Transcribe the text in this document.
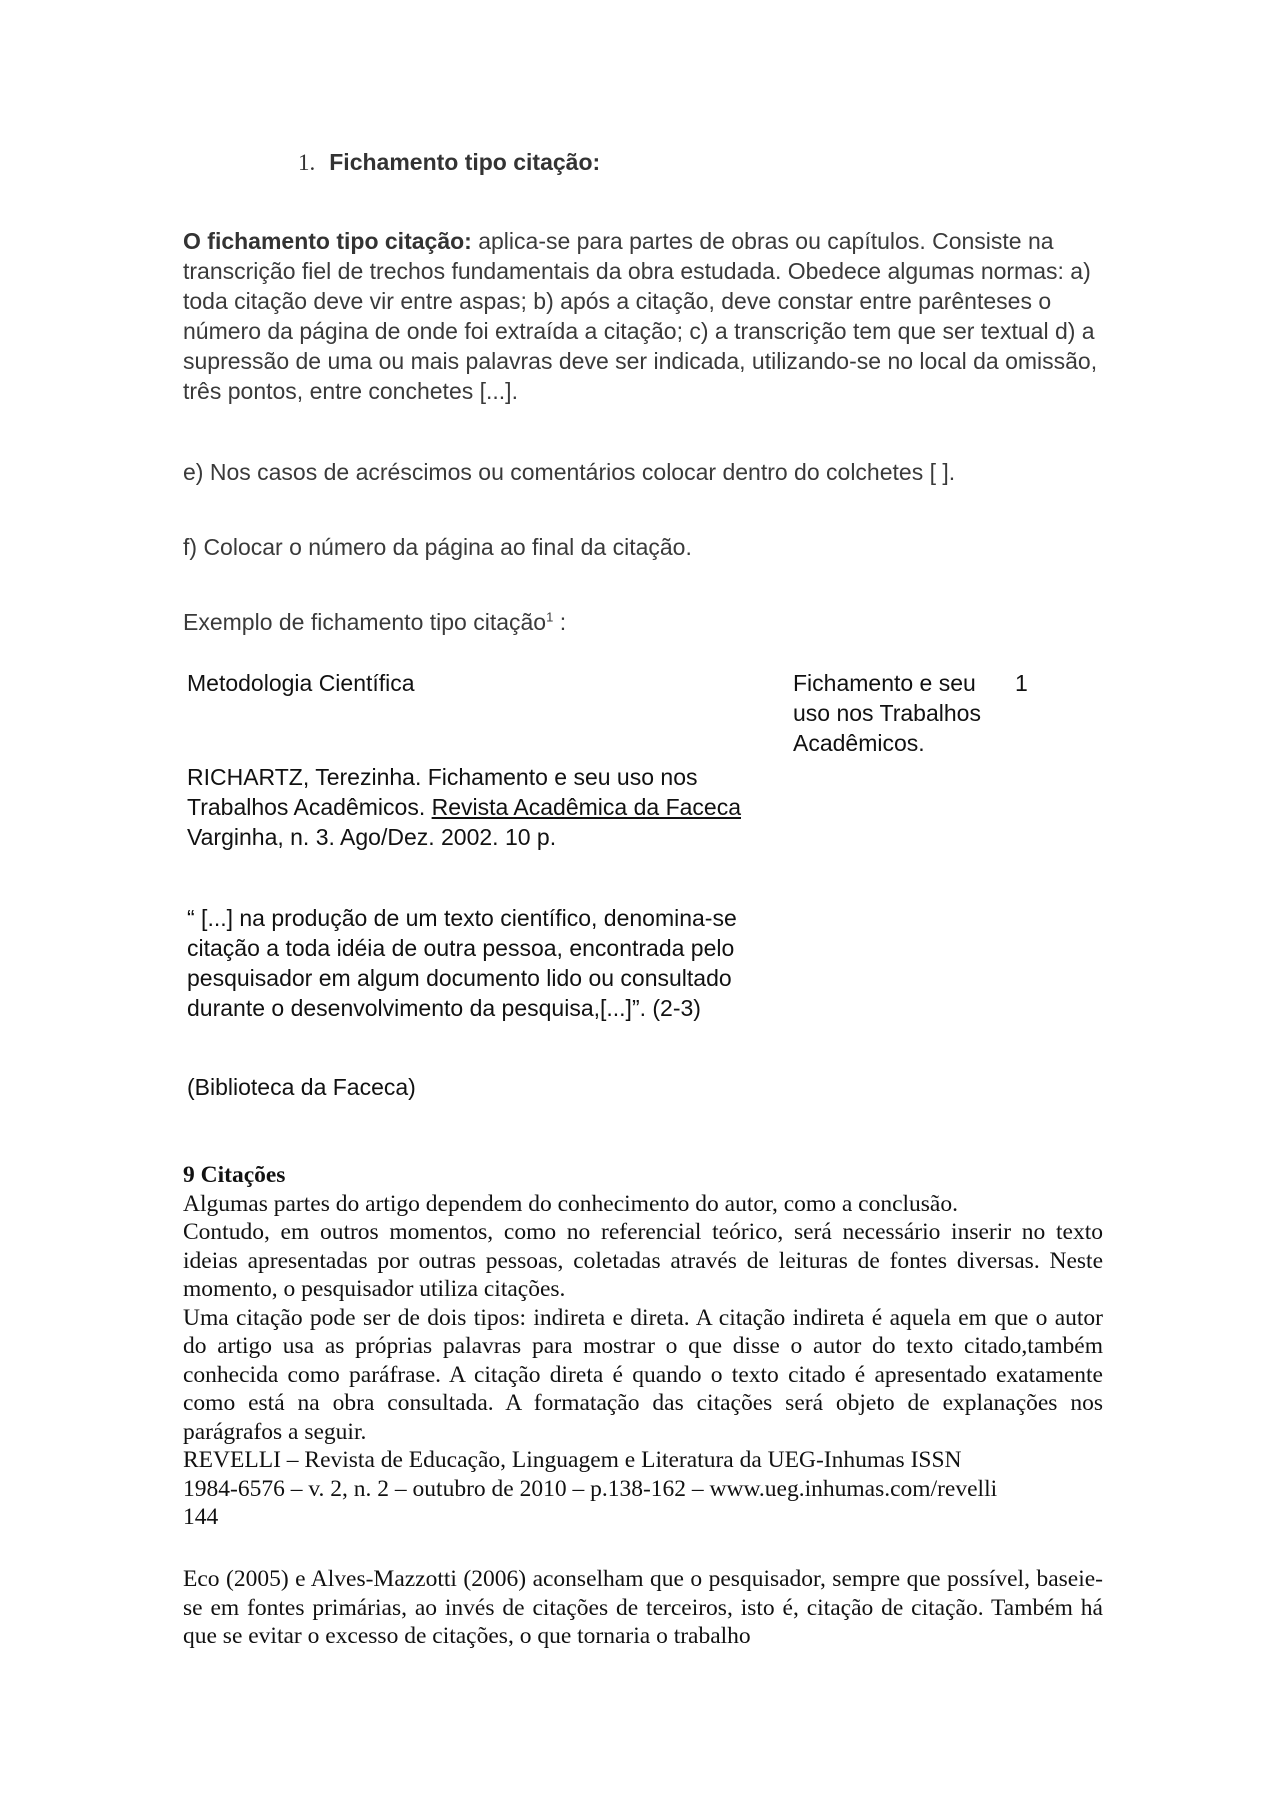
1. Fichamento tipo citação:
O fichamento tipo citação: aplica-se para partes de obras ou capítulos. Consiste na transcrição fiel de trechos fundamentais da obra estudada. Obedece algumas normas: a) toda citação deve vir entre aspas; b) após a citação, deve constar entre parênteses o número da página de onde foi extraída a citação; c) a transcrição tem que ser textual d) a supressão de uma ou mais palavras deve ser indicada, utilizando-se no local da omissão, três pontos, entre conchetes [...].
e) Nos casos de acréscimos ou comentários colocar dentro do colchetes [ ].
f) Colocar o número da página ao final da citação.
Exemplo de fichamento tipo citação$^1$ :
Metodologia Científica	Fichamento e seu uso nos Trabalhos Acadêmicos.
1
RICHARTZ, Terezinha. Fichamento e seu uso nos Trabalhos Acadêmicos. Revista Acadêmica da Faceca
Varginha, n. 3. Ago/Dez. 2002. 10 p.
“ [...] na produção de um texto científico, denomina-se citação a toda idéia de outra pessoa, encontrada pelo pesquisador em algum documento lido ou consultado durante o desenvolvimento da pesquisa,[...]”. (2-3)
(Biblioteca da Faceca)

9 Citações

Algumas partes do artigo dependem do conhecimento do autor, como a conclusão.

Contudo, em outros momentos, como no referencial teórico, será necessário inserir no texto ideias apresentadas por outras pessoas, coletadas através de leituras de fontes diversas. Neste momento, o pesquisador utiliza citações.

Uma citação pode ser de dois tipos: indireta e direta. A citação indireta é aquela em que o autor do artigo usa as próprias palavras para mostrar o que disse o autor do texto citado,também conhecida como paráfrase. A citação direta é quando o texto citado é apresentado exatamente como está na obra consultada. A formatação das citações será objeto de explanações nos parágrafos a seguir.

REVELLI – Revista de Educação, Linguagem e Literatura da UEG-Inhumas ISSN

1984-6576 – v. 2, n. 2 – outubro de 2010 – p.138-162 – www.ueg.inhumas.com/revelli

144

Eco (2005) e Alves-Mazzotti (2006) aconselham que o pesquisador, sempre que possível, baseie-se em fontes primárias, ao invés de citações de terceiros, isto é, citação de citação. Também há que se evitar o excesso de citações, o que tornaria o trabalho
